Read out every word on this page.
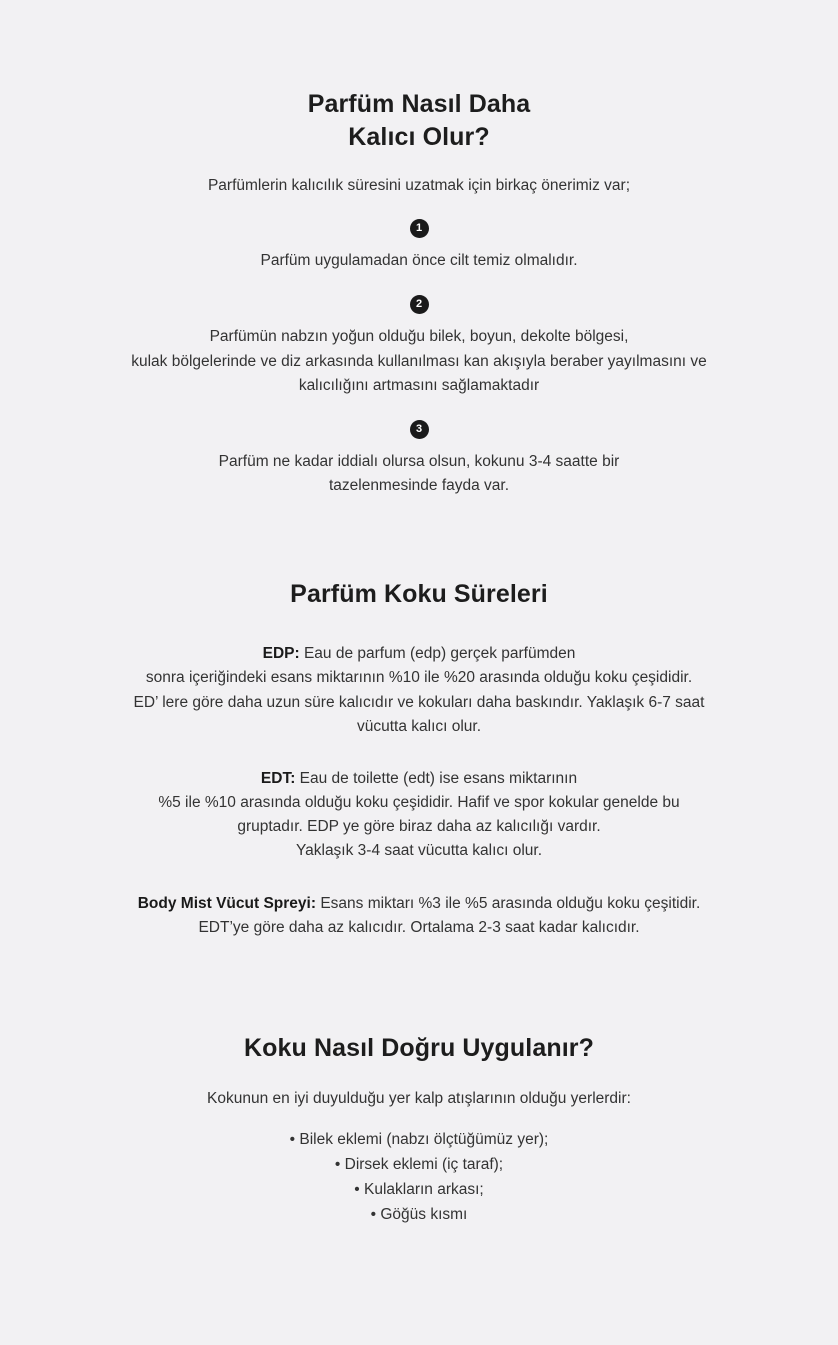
Parfüm Nasıl Daha
Kalıcı Olur?

Parfümlerin kalıcılık süresini uzatmak için birkaç önerimiz var;

1
Parfüm uygulamadan önce cilt temiz olmalıdır.
2
Parfümün nabzın yoğun olduğu bilek, boyun, dekolte bölgesi,
kulak bölgelerinde ve diz arkasında kullanılması kan akışıyla beraber yayılmasını ve
kalıcılığını artmasını sağlamaktadır
3
Parfüm ne kadar iddialı olursa olsun, kokunu 3-4 saatte bir
tazelenmesinde fayda var.
Parfüm Koku Süreleri

EDP: Eau de parfum (edp) gerçek parfümden
sonra içeriğindeki esans miktarının %10 ile %20 arasında olduğu koku çeşididir.
ED’ lere göre daha uzun süre kalıcıdır ve kokuları daha baskındır. Yaklaşık 6-7 saat
vücutta kalıcı olur.

EDT: Eau de toilette (edt) ise esans miktarının
%5 ile %10 arasında olduğu koku çeşididir. Hafif ve spor kokular genelde bu
gruptadır. EDP ye göre biraz daha az kalıcılığı vardır.
Yaklaşık 3-4 saat vücutta kalıcı olur.

Body Mist Vücut Spreyi: Esans miktarı %3 ile %5 arasında olduğu koku çeşitidir.
EDT’ye göre daha az kalıcıdır. Ortalama 2-3 saat kadar kalıcıdır.

Koku Nasıl Doğru Uygulanır?

Kokunun en iyi duyulduğu yer kalp atışlarının olduğu yerlerdir:

• Bilek eklemi (nabzı ölçtüğümüz yer);
• Dirsek eklemi (iç taraf);
• Kulakların arkası;
• Göğüs kısmı
